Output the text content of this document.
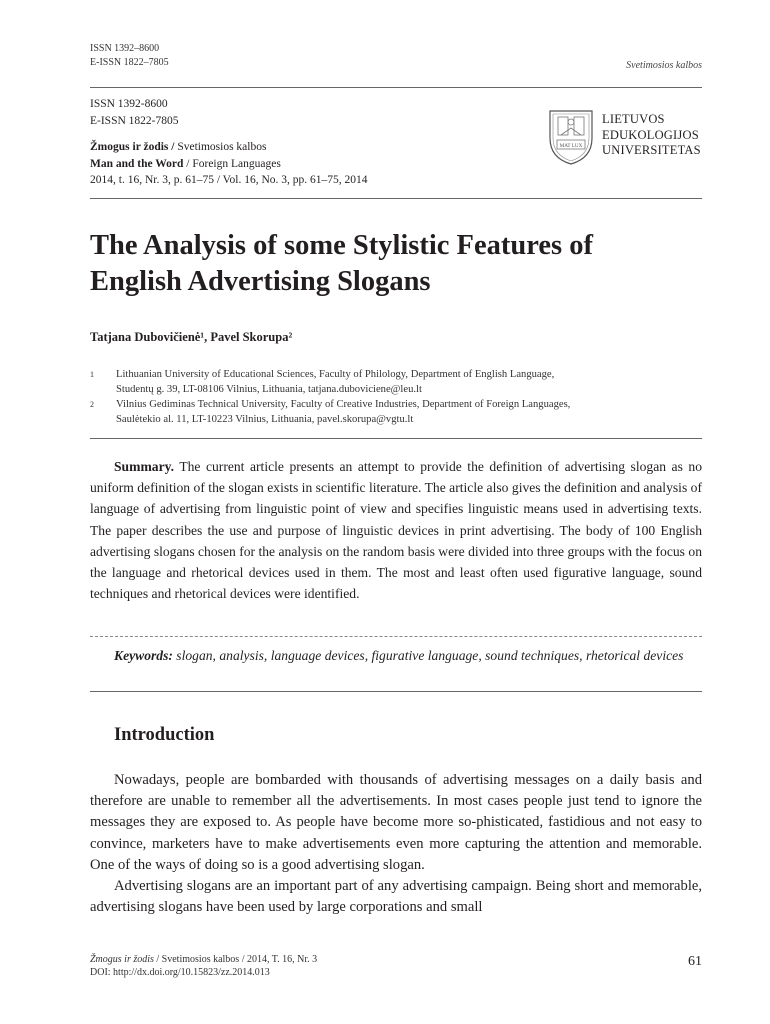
ISSN 1392–8600
E-ISSN 1822–7805	Svetimosios kalbos
ISSN 1392-8600
E-ISSN 1822-7805
Žmogus ir žodis / Svetimosios kalbos
Man and the Word / Foreign Languages
2014, t. 16, Nr. 3, p. 61–75 / Vol. 16, No. 3, pp. 61–75, 2014
MAT LUX
LIETUVOS
EDUKOLOGIJOS
UNIVERSITETAS
The Analysis of some Stylistic Features of
English Advertising Slogans
Tatjana Dubovičienė¹, Pavel Skorupa²
1	Lithuanian University of Educational Sciences, Faculty of Philology, Department of English Language,
Studentų g. 39, LT-08106 Vilnius, Lithuania, tatjana.duboviciene@leu.lt
2	Vilnius Gediminas Technical University, Faculty of Creative Industries, Department of Foreign Languages,
Saulėtekio al. 11, LT-10223 Vilnius, Lithuania, pavel.skorupa@vgtu.lt

Summary. The current article presents an attempt to provide the definition of advertising slogan as no uniform definition of the slogan exists in scientific literature. The article also gives the definition and analysis of language of advertising from linguistic point of view and specifies linguistic means used in advertising texts. The paper describes the use and purpose of linguistic devices in print advertising. The body of 100 English advertising slogans chosen for the analysis on the random basis were divided into three groups with the focus on the language and rhetorical devices used in them. The most and least often used figurative language, sound techniques and rhetorical devices were identified.

Keywords: slogan, analysis, language devices, figurative language, sound techniques, rhetorical devices
Introduction

Nowadays, people are bombarded with thousands of advertising messages on a daily basis and therefore are unable to remember all the advertisements. In most cases people just tend to ignore the messages they are exposed to. As people have become more so-phisticated, fastidious and not easy to convince, marketers have to make advertisements even more capturing the attention and memorable. One of the ways of doing so is a good advertising slogan.

Advertising slogans are an important part of any advertising campaign. Being short and memorable, advertising slogans have been used by large corporations and small

Žmogus ir žodis / Svetimosios kalbos / 2014, T. 16, Nr. 3
DOI: http://dx.doi.org/10.15823/zz.2014.013
61
